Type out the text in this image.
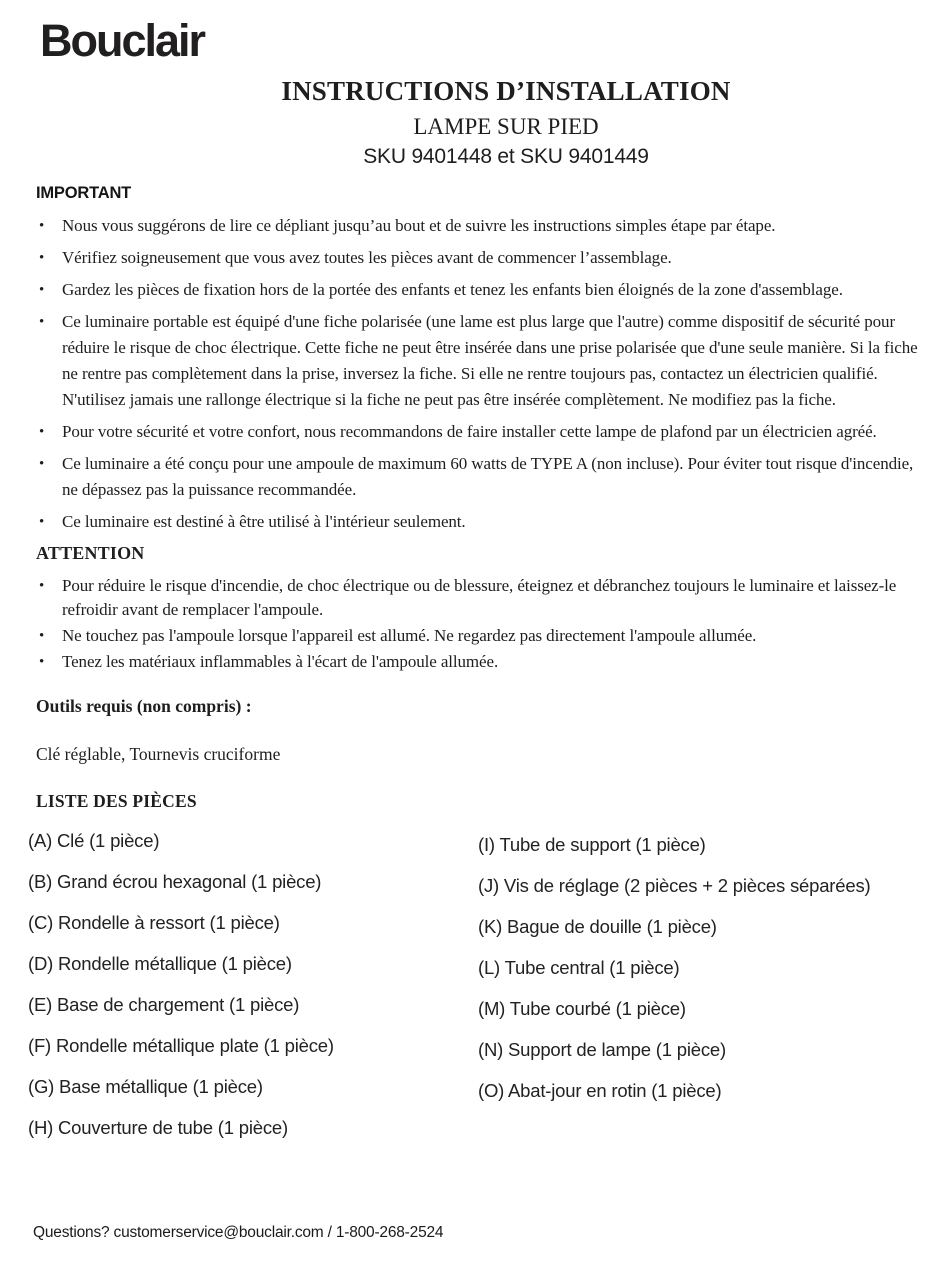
Bouclair
INSTRUCTIONS D’INSTALLATION
LAMPE SUR PIED
SKU 9401448 et SKU 9401449
IMPORTANT
• Nous vous suggérons de lire ce dépliant jusqu’au bout et de suivre les instructions simples étape par étape.
• Vérifiez soigneusement que vous avez toutes les pièces avant de commencer l’assemblage.
• Gardez les pièces de fixation hors de la portée des enfants et tenez les enfants bien éloignés de la zone d'assemblage.
• Ce luminaire portable est équipé d'une fiche polarisée (une lame est plus large que l'autre) comme dispositif de sécurité pour réduire le risque de choc électrique. Cette fiche ne peut être insérée dans une prise polarisée que d'une seule manière. Si la fiche ne rentre pas complètement dans la prise, inversez la fiche. Si elle ne rentre toujours pas, contactez un électricien qualifié. N'utilisez jamais une rallonge électrique si la fiche ne peut pas être insérée complètement. Ne modifiez pas la fiche.
• Pour votre sécurité et votre confort, nous recommandons de faire installer cette lampe de plafond par un électricien agréé.
• Ce luminaire a été conçu pour une ampoule de maximum 60 watts de TYPE A (non incluse). Pour éviter tout risque d'incendie, ne dépassez pas la puissance recommandée.
• Ce luminaire est destiné à être utilisé à l'intérieur seulement.
ATTENTION
• Pour réduire le risque d'incendie, de choc électrique ou de blessure, éteignez et débranchez toujours le luminaire et laissez-le refroidir avant de remplacer l'ampoule.
• Ne touchez pas l'ampoule lorsque l'appareil est allumé. Ne regardez pas directement l'ampoule allumée.
• Tenez les matériaux inflammables à l'écart de l'ampoule allumée.
Outils requis (non compris) :
Clé réglable, Tournevis cruciforme
LISTE DES PIÈCES
(A) Clé (1 pièce)
(B) Grand écrou hexagonal (1 pièce)
(C) Rondelle à ressort (1 pièce)
(D) Rondelle métallique (1 pièce)
(E) Base de chargement (1 pièce)
(F) Rondelle métallique plate (1 pièce)
(G) Base métallique (1 pièce)
(H) Couverture de tube (1 pièce)
(I) Tube de support (1 pièce)
(J) Vis de réglage (2 pièces + 2 pièces séparées)
(K) Bague de douille (1 pièce)
(L) Tube central (1 pièce)
(M) Tube courbé (1 pièce)
(N) Support de lampe (1 pièce)
(O) Abat-jour en rotin (1 pièce)
Questions? customerservice@bouclair.com / 1-800-268-2524
